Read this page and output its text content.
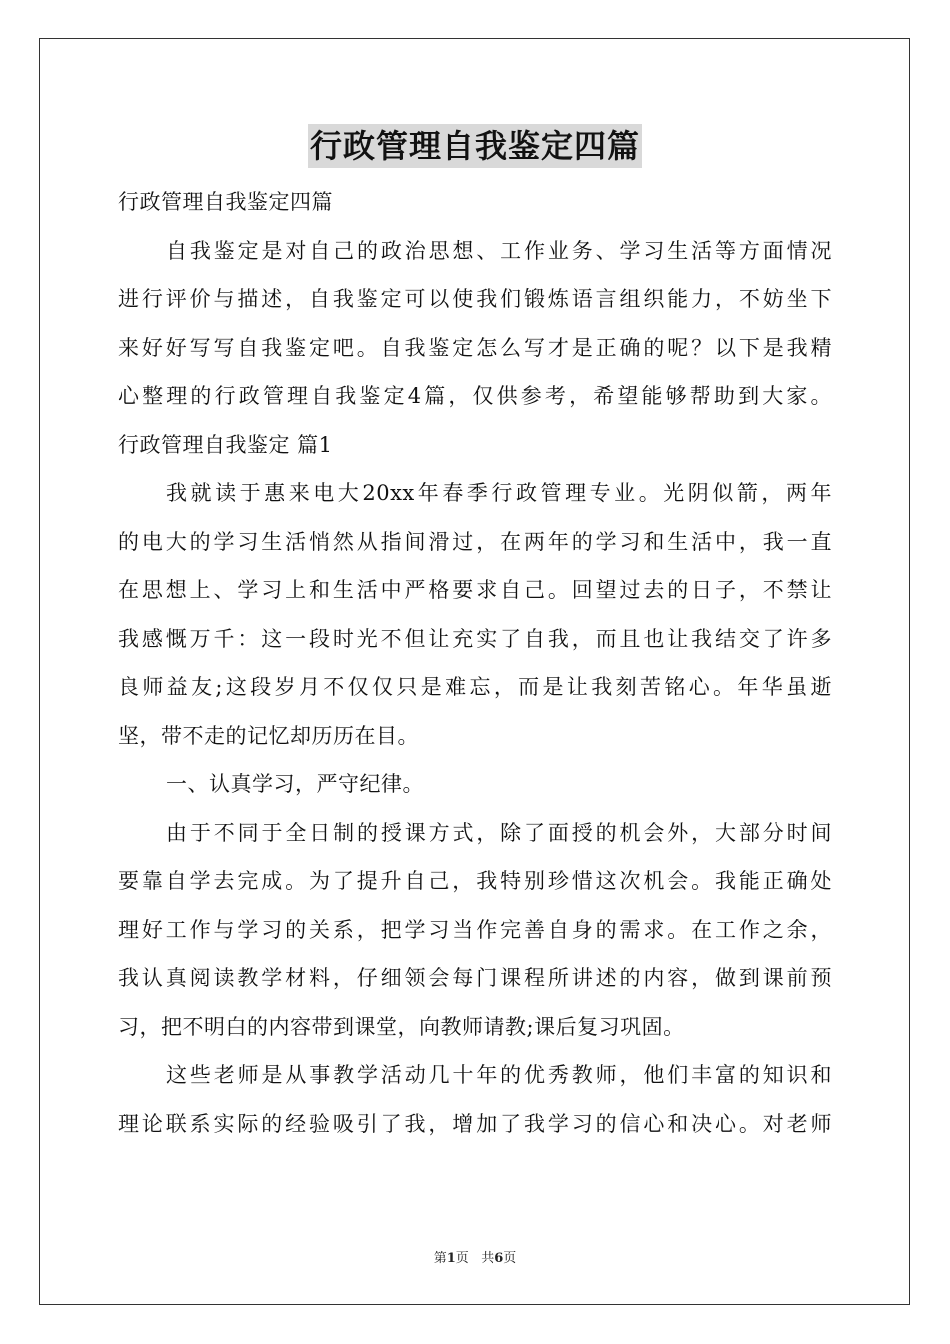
行政管理自我鉴定四篇
行政管理自我鉴定四篇
自我鉴定是对自己的政治思想、工作业务、学习生活等方面情况
进行评价与描述，自我鉴定可以使我们锻炼语言组织能力，不妨坐下
来好好写写自我鉴定吧。自我鉴定怎么写才是正确的呢？以下是我精
心整理的行政管理自我鉴定4篇，仅供参考，希望能够帮助到大家。
行政管理自我鉴定 篇1
我就读于惠来电大20xx年春季行政管理专业。光阴似箭，两年
的电大的学习生活悄然从指间滑过，在两年的学习和生活中，我一直
在思想上、学习上和生活中严格要求自己。回望过去的日子，不禁让
我感慨万千：这一段时光不但让充实了自我，而且也让我结交了许多
良师益友;这段岁月不仅仅只是难忘，而是让我刻苦铭心。年华虽逝
坚，带不走的记忆却历历在目。
一、认真学习，严守纪律。
由于不同于全日制的授课方式，除了面授的机会外，大部分时间
要靠自学去完成。为了提升自己，我特别珍惜这次机会。我能正确处
理好工作与学习的关系，把学习当作完善自身的需求。在工作之余，
我认真阅读教学材料，仔细领会每门课程所讲述的内容，做到课前预
习，把不明白的内容带到课堂，向教师请教;课后复习巩固。
这些老师是从事教学活动几十年的优秀教师，他们丰富的知识和
理论联系实际的经验吸引了我，增加了我学习的信心和决心。对老师
第1页 共6页
